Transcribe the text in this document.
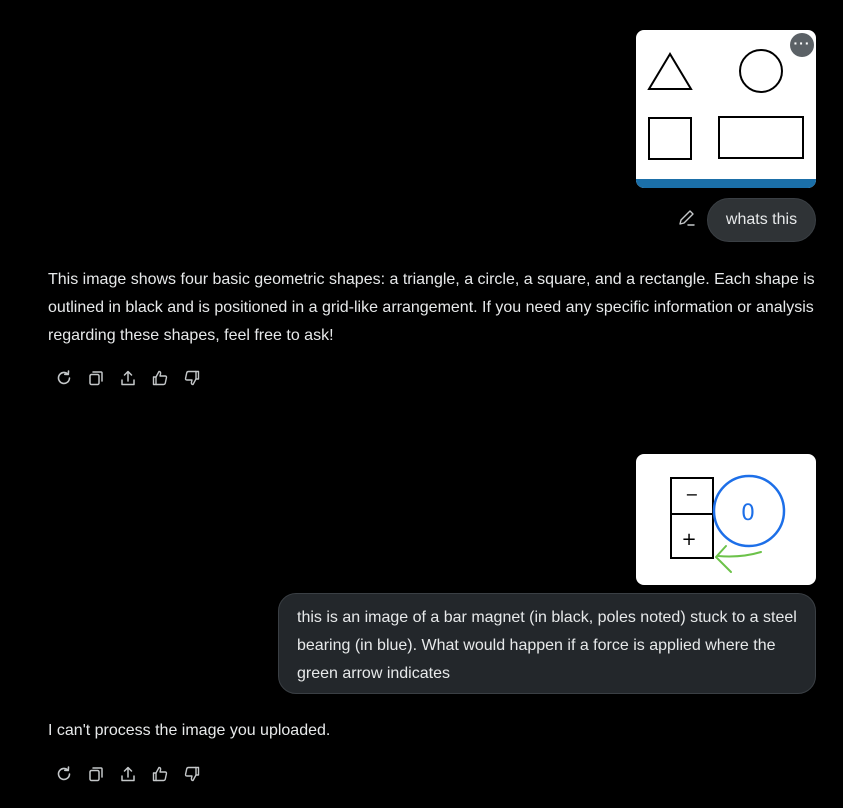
···
whats this
This image shows four basic geometric shapes: a triangle, a circle, a square, and a rectangle. Each shape is outlined in black and is positioned in a grid-like arrangement. If you need any specific information or analysis regarding these shapes, feel free to ask!
−
+
0
this is an image of a bar magnet (in black, poles noted) stuck to a steel bearing (in blue). What would happen if a force is applied where the green arrow indicates
I can't process the image you uploaded.
